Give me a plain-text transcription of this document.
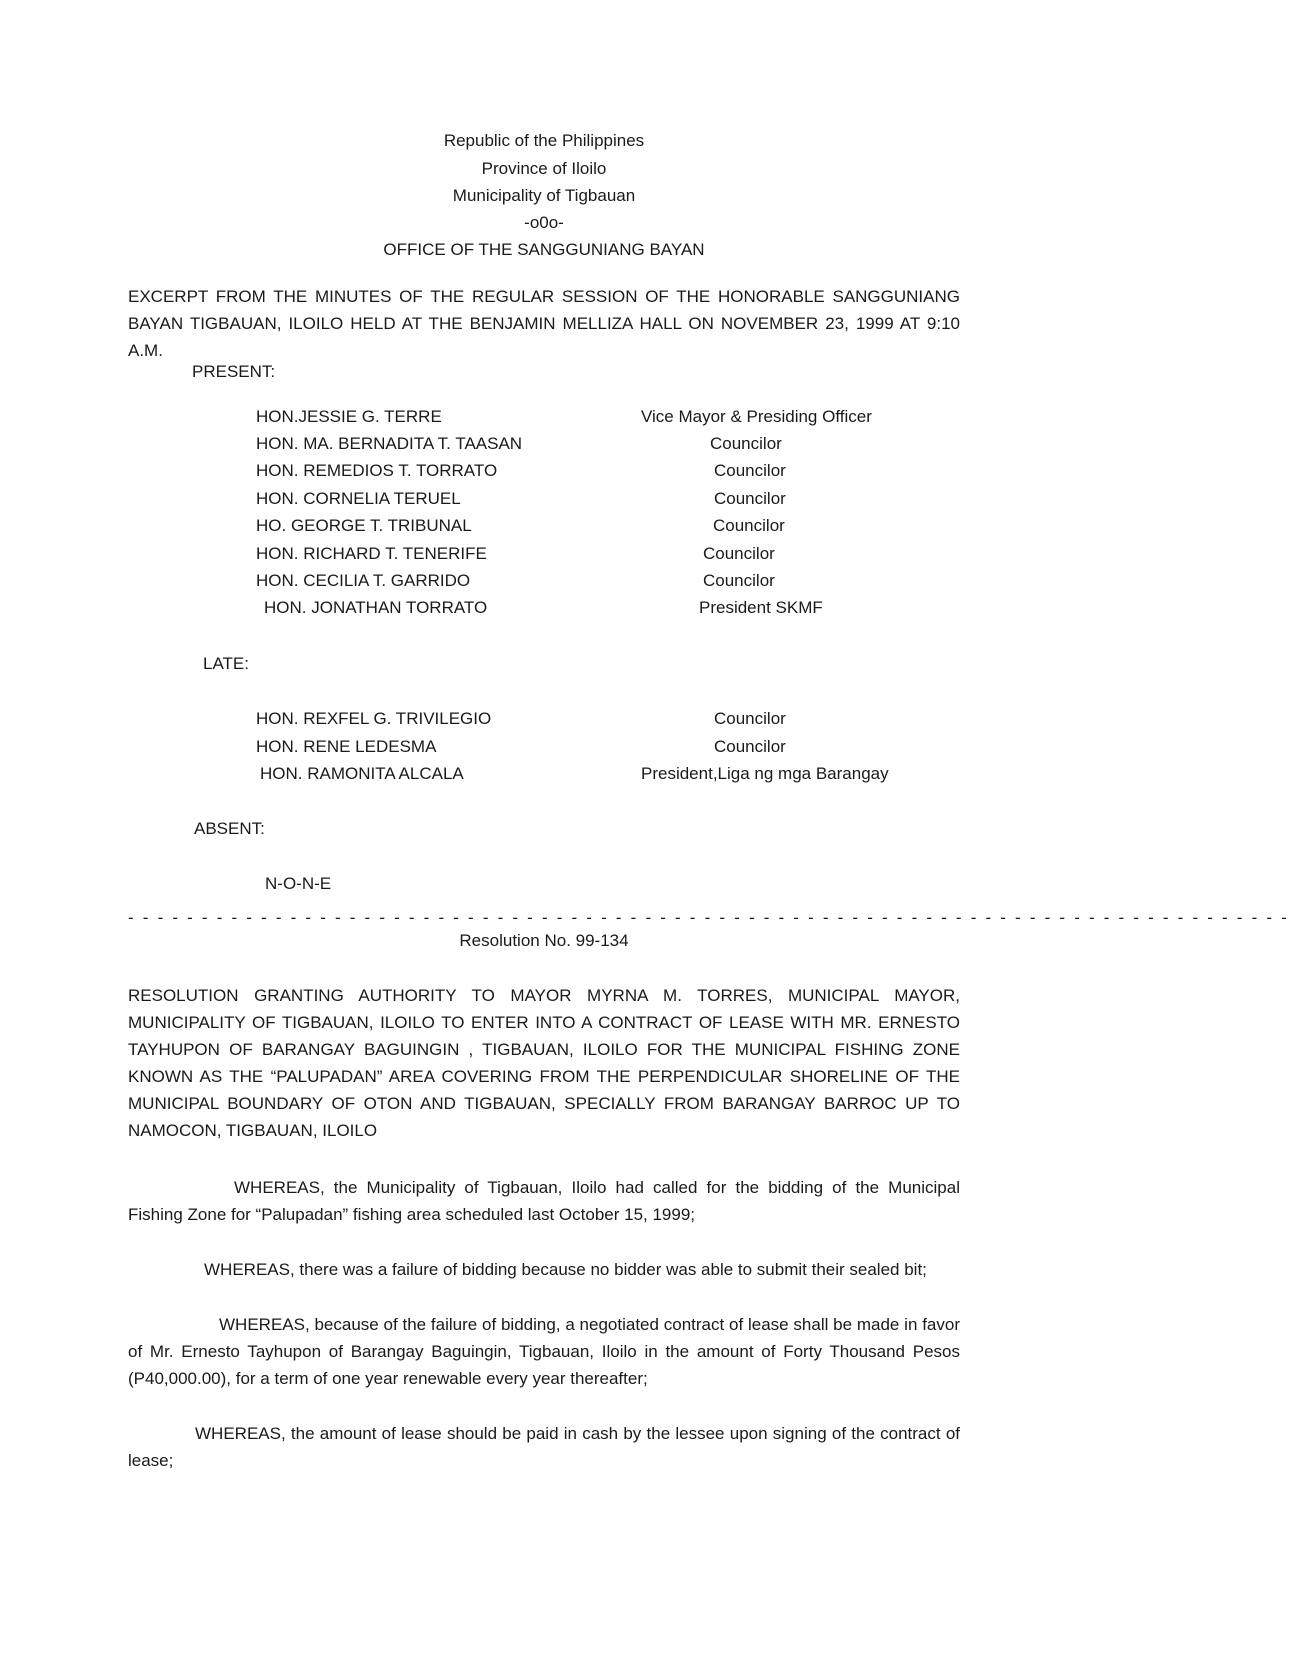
Republic of the Philippines
Province of Iloilo
Municipality of Tigbauan
-o0o-
OFFICE OF THE SANGGUNIANG BAYAN
EXCERPT FROM THE MINUTES OF THE REGULAR SESSION OF THE HONORABLE SANGGUNIANG BAYAN TIGBAUAN, ILOILO HELD AT THE BENJAMIN MELLIZA HALL ON NOVEMBER 23, 1999 AT 9:10 A.M.
PRESENT:
HON.JESSIE G. TERRE	Vice Mayor & Presiding Officer
HON. MA. BERNADITA T. TAASAN	Councilor
HON. REMEDIOS T. TORRATO	Councilor
HON. CORNELIA TERUEL	Councilor
HO. GEORGE T. TRIBUNAL	Councilor
HON. RICHARD T. TENERIFE	Councilor
HON. CECILIA T. GARRIDO	Councilor
HON. JONATHAN TORRATO	President SKMF
LATE:
HON. REXFEL G. TRIVILEGIO	Councilor
HON. RENE LEDESMA	Councilor
HON. RAMONITA ALCALA	President,Liga ng mga Barangay
ABSENT:
N-O-N-E
- - - - - - - - - - - - - - - - - - - - - - - - - - - - - - - - - - - - - - - - - - - - - - - - - - - - - - - - - - - - - - - - - - - - - - - - - - - - - - -
Resolution No. 99-134
RESOLUTION GRANTING AUTHORITY TO MAYOR MYRNA M. TORRES, MUNICIPAL MAYOR, MUNICIPALITY OF TIGBAUAN, ILOILO TO ENTER INTO A CONTRACT OF LEASE WITH MR. ERNESTO TAYHUPON OF BARANGAY BAGUINGIN , TIGBAUAN, ILOILO FOR THE MUNICIPAL FISHING ZONE KNOWN AS THE “PALUPADAN” AREA COVERING FROM THE PERPENDICULAR SHORELINE OF THE MUNICIPAL BOUNDARY OF OTON AND TIGBAUAN, SPECIALLY FROM BARANGAY BARROC UP TO NAMOCON, TIGBAUAN, ILOILO
WHEREAS, the Municipality of Tigbauan, Iloilo had called for the bidding of the Municipal Fishing Zone for “Palupadan” fishing area scheduled last October 15, 1999;
WHEREAS, there was a failure of bidding because no bidder was able to submit their sealed bit;
WHEREAS, because of the failure of bidding, a negotiated contract of lease shall be made in favor of Mr. Ernesto Tayhupon of Barangay Baguingin, Tigbauan, Iloilo in the amount of Forty Thousand Pesos (P40,000.00), for a term of one year renewable every year thereafter;
WHEREAS, the amount of lease should be paid in cash by the lessee upon signing of the contract of lease;
